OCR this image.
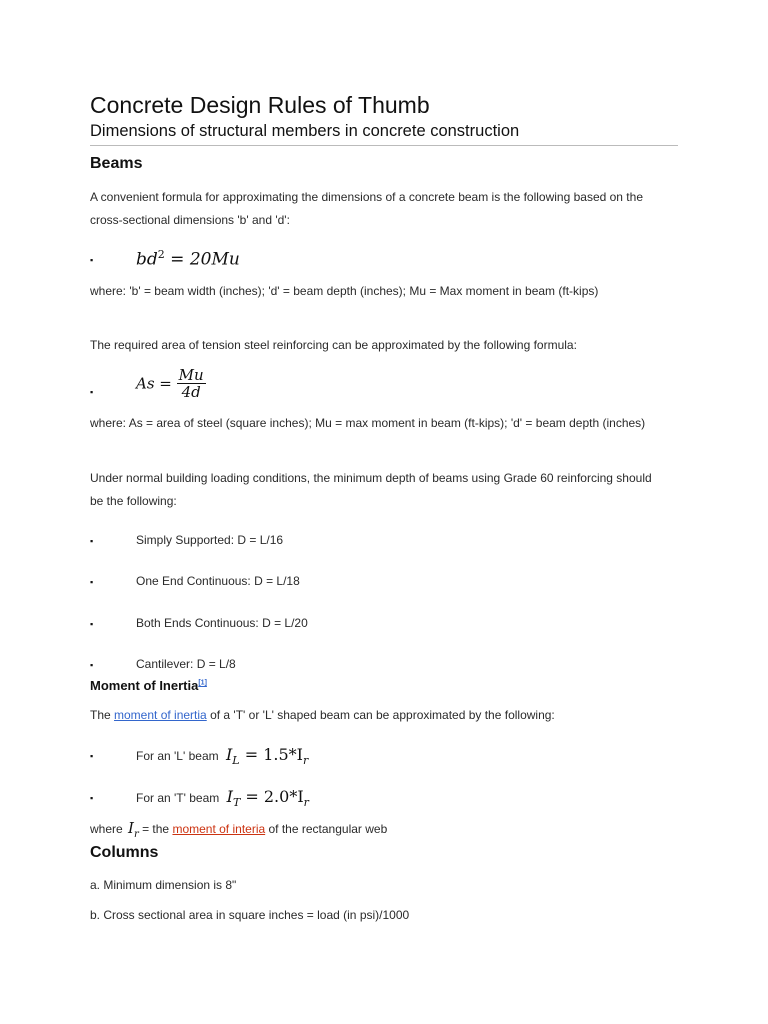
Concrete Design Rules of Thumb
Dimensions of structural members in concrete construction
Beams
A convenient formula for approximating the dimensions of a concrete beam is the following based on the
cross-sectional dimensions 'b' and 'd':
▪	$bd^2 = 20Mu$
where: 'b' = beam width (inches); 'd' = beam depth (inches); Mu = Max moment in beam (ft-kips)
The required area of tension steel reinforcing can be approximated by the following formula:
▪	$As = \frac{Mu}{4d}$
where: As = area of steel (square inches); Mu = max moment in beam (ft-kips); 'd' = beam depth (inches)
Under normal building loading conditions, the minimum depth of beams using Grade 60 reinforcing should
be the following:
▪	Simply Supported: D = L/16
▪	One End Continuous: D = L/18
▪	Both Ends Continuous: D = L/20
▪	Cantilever: D = L/8
Moment of Inertia[1]
The moment of inertia of a 'T' or 'L' shaped beam can be approximated by the following:
▪	For an 'L' beam $I_L = 1.5*I_r$
▪	For an 'T' beam $I_T = 2.0*I_r$
where $I_r$ = the moment of interia of the rectangular web
Columns
a. Minimum dimension is 8"
b. Cross sectional area in square inches = load (in psi)/1000
